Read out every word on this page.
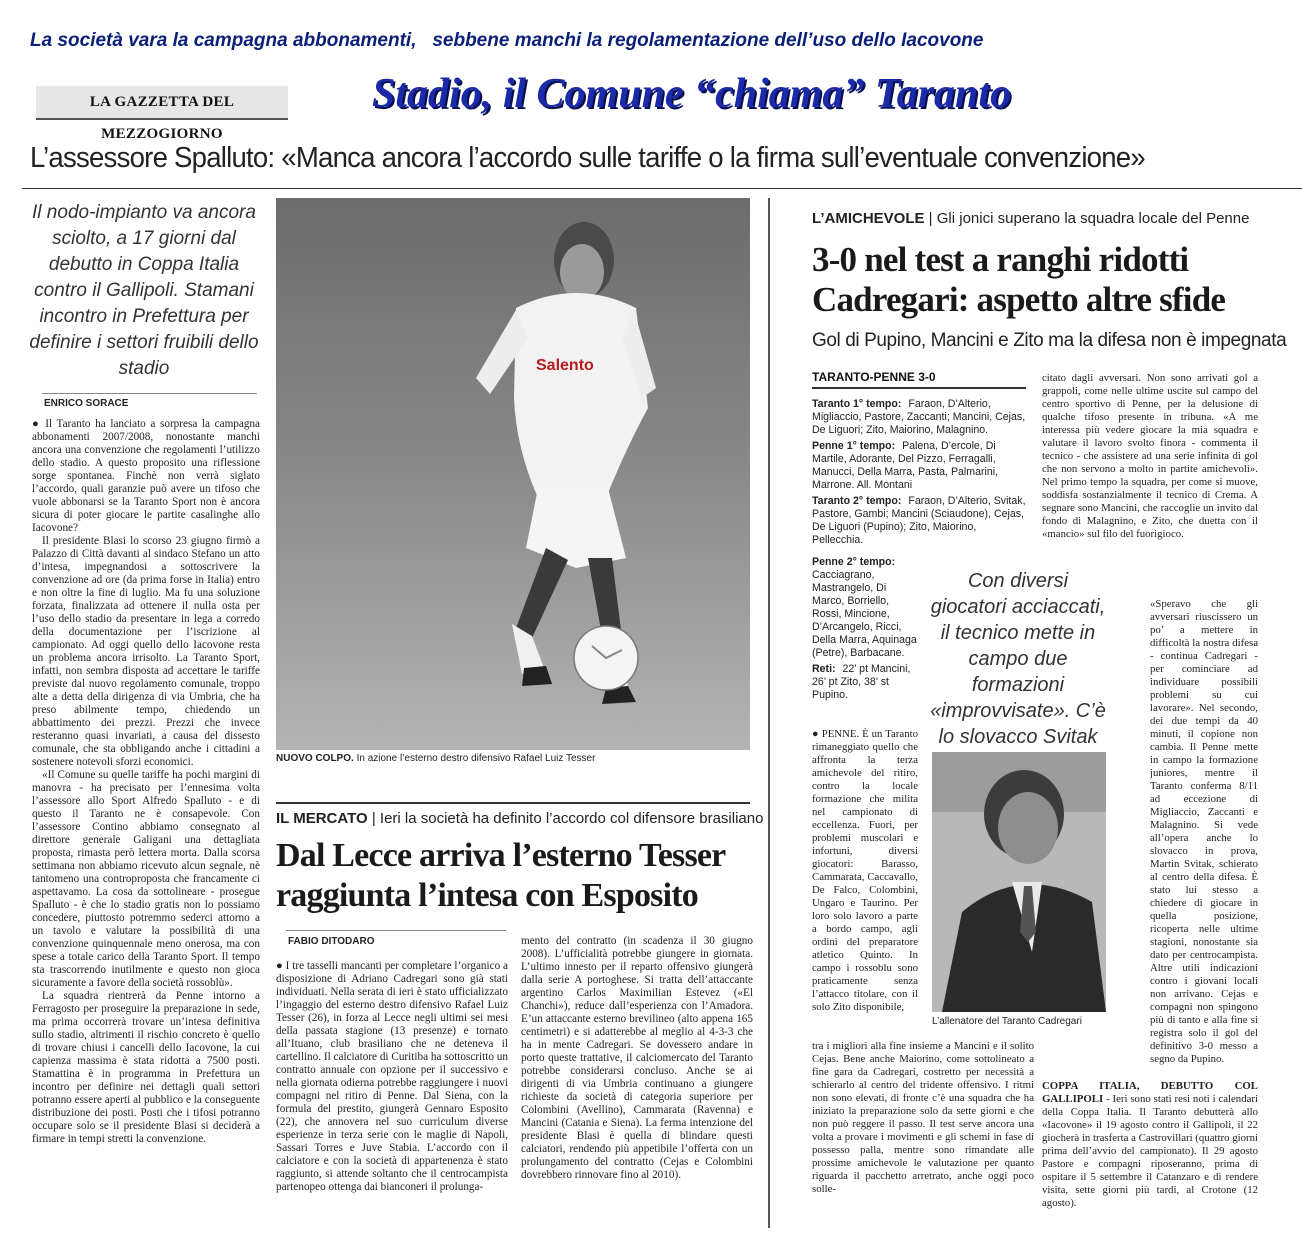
La società vara la campagna abbonamenti, sebbene manchi la regolamentazione dell’uso dello Iacovone
LA GAZZETTA DEL MEZZOGIORNO
Stadio, il Comune “chiama” Taranto
L’assessore Spalluto: «Manca ancora l’accordo sulle tariffe o la firma sull’eventuale convenzione»
Il nodo-impianto va ancora sciolto, a 17 giorni dal debutto in Coppa Italia contro il Gallipoli. Stamani incontro in Prefettura per definire i settori fruibili dello stadio
ENRICO SORACE

● Il Taranto ha lanciato a sorpresa la campagna abbonamenti 2007/2008, nonostante manchi ancora una convenzione che regolamenti l’utilizzo dello stadio. A questo proposito una riflessione sorge spontanea. Finchè non verrà siglato l’accordo, quali garanzie può avere un tifoso che vuole abbonarsi se la Taranto Sport non è ancora sicura di poter giocare le partite casalinghe allo Iacovone?

Il presidente Blasi lo scorso 23 giugno firmò a Palazzo di Città davanti al sindaco Stefano un atto d’intesa, impegnandosi a sottoscrivere la convenzione ad ore (da prima forse in Italia) entro e non oltre la fine di luglio. Ma fu una soluzione forzata, finalizzata ad ottenere il nulla osta per l’uso dello stadio da presentare in lega a corredo della documentazione per l’iscrizione al campionato. Ad oggi quello dello Iacovone resta un problema ancora irrisolto. La Taranto Sport, infatti, non sembra disposta ad accettare le tariffe previste dal nuovo regolamento comunale, troppo alte a detta della dirigenza di via Umbria, che ha preso abilmente tempo, chiedendo un abbattimento dei prezzi. Prezzi che invece resteranno quasi invariati, a causa del dissesto comunale, che sta obbligando anche i cittadini a sostenere notevoli sforzi economici.

«Il Comune su quelle tariffe ha pochi margini di manovra - ha precisato per l’ennesima volta l’assessore allo Sport Alfredo Spalluto - e di questo il Taranto ne è consapevole. Con l’assessore Contino abbiamo consegnato al direttore generale Galigani una dettagliata proposta, rimasta però lettera morta. Dalla scorsa settimana non abbiamo ricevuto alcun segnale, nè tantomeno una controproposta che francamente ci aspettavamo. La cosa da sottolineare - prosegue Spalluto - è che lo stadio gratis non lo possiamo concedere, piuttosto potremmo sederci attorno a un tavolo e valutare la possibilità di una convenzione quinquennale meno onerosa, ma con spese a totale carico della Taranto Sport. Il tempo sta trascorrendo inutilmente e questo non gioca sicuramente a favore della società rossoblù».

La squadra rientrerà da Penne intorno a Ferragosto per proseguire la preparazione in sede, ma prima occorrerà trovare un’intesa definitiva sullo stadio, altrimenti il rischio concreto è quello di trovare chiusi i cancelli dello Iacovone, la cui capienza massima è stata ridotta a 7500 posti. Stamattina è in programma in Prefettura un incontro per definire nei dettagli quali settori potranno essere aperti al pubblico e la conseguente distribuzione dei posti. Posti che i tifosi potranno occupare solo se il presidente Blasi si deciderà a firmare in tempi stretti la convenzione.

Salento
NUOVO COLPO. In azione l’esterno destro difensivo Rafael Luiz Tesser
IL MERCATO | Ieri la società ha definito l’accordo col difensore brasiliano
Dal Lecce arriva l’esterno Tesser
raggiunta l’intesa con Esposito
FABIO DITODARO
● I tre tasselli mancanti per completare l’organico a disposizione di Adriano Cadregari sono già stati individuati. Nella serata di ieri è stato ufficializzato l’ingaggio del esterno destro difensivo Rafael Luiz Tesser (26), in forza al Lecce negli ultimi sei mesi della passata stagione (13 presenze) e tornato all’Ituano, club brasiliano che ne deteneva il cartellino. Il calciatore di Curitiba ha sottoscritto un contratto annuale con opzione per il successivo e nella giornata odierna potrebbe raggiungere i nuovi compagni nel ritiro di Penne. Dal Siena, con la formula del prestito, giungerà Gennaro Esposito (22), che annovera nel suo curriculum diverse esperienze in terza serie con le maglie di Napoli, Sassari Torres e Juve Stabia. L’accordo con il calciatore e con la società di appartenenza è stato raggiunto, si attende soltanto che il centrocampista partenopeo ottenga dai bianconeri il prolunga-
mento del contratto (in scadenza il 30 giugno 2008). L’ufficialità potrebbe giungere in giornata. L’ultimo innesto per il reparto offensivo giungerà dalla serie A portoghese. Si tratta dell’attaccante argentino Carlos Maximilian Estevez («El Chanchi»), reduce dall’esperienza con l’Amadora. E’un attaccante esterno brevilineo (alto appena 165 centimetri) e si adatterebbe al meglio al 4-3-3 che ha in mente Cadregari. Se dovessero andare in porto queste trattative, il calciomercato del Taranto potrebbe considerarsi concluso. Anche se ai dirigenti di via Umbria continuano a giungere richieste da società di categoria superiore per Colombini (Avellino), Cammarata (Ravenna) e Mancini (Catania e Siena). La ferma intenzione del presidente Blasi è quella di blindare questi calciatori, rendendo più appetibile l’offerta con un prolungamento del contratto (Cejas e Colombini dovrebbero rinnovare fino al 2010).
L’AMICHEVOLE | Gli jonici superano la squadra locale del Penne
3-0 nel test a ranghi ridotti
Cadregari: aspetto altre sfide
Gol di Pupino, Mancini e Zito ma la difesa non è impegnata
TARANTO-PENNE 3-0
Taranto 1° tempo: Faraon, D’Alterio, Migliaccio, Pastore, Zaccanti; Mancini, Cejas, De Liguori; Zito, Maiorino, Malagnino.
Penne 1° tempo: Palena, D’ercole, Di Martile, Adorante, Del Pizzo, Ferragalli, Manucci, Della Marra, Pasta, Palmarini, Marrone. All. Montani
Taranto 2° tempo: Faraon, D’Alterio, Svitak, Pastore, Gambi; Mancini (Sciaudone), Cejas, De Liguori (Pupino); Zito, Maiorino, Pellecchia.
Penne 2° tempo: Cacciagrano, Mastrangelo, Di Marco, Borriello, Rossi, Mincione, D’Arcangelo, Ricci, Della Marra, Aquinaga (Petre), Barbacane.
Reti: 22’ pt Mancini, 26’ pt Zito, 38’ st Pupino.
Con diversi giocatori acciaccati, il tecnico mette in campo due formazioni «improvvisate». C’è lo slovacco Svitak
● PENNE. È un Taranto rimaneggiato quello che affronta la terza amichevole del ritiro, contro la locale formazione che milita nel campionato di eccellenza. Fuori, per problemi muscolari e infortuni, diversi giocatori: Barasso, Cammarata, Caccavallo, De Falco, Colombini, Ungaro e Taurino. Per loro solo lavoro a parte a bordo campo, agli ordini del preparatore atletico Quinto. In campo i rossoblu sono praticamente senza l’attacco titolare, con il solo Zito disponibile,
L’allenatore del Taranto Cadregari
tra i migliori alla fine insieme a Mancini e il solito Cejas. Bene anche Maiorino, come sottolineato a fine gara da Cadregari, costretto per necessità a schierarlo al centro del tridente offensivo. I ritmi non sono elevati, di fronte c’è una squadra che ha iniziato la preparazione solo da sette giorni e che non può reggere il passo. Il test serve ancora una volta a provare i movimenti e gli schemi in fase di possesso palla, mentre sono rimandate alle prossime amichevole le valutazione per quanto riguarda il pacchetto arretrato, anche oggi poco solle-
citato dagli avversari. Non sono arrivati gol a grappoli, come nelle ultime uscite sul campo del centro sportivo di Penne, per la delusione di qualche tifoso presente in tribuna. «A me interessa più vedere giocare la mia squadra e valutare il lavoro svolto finora - commenta il tecnico - che assistere ad una serie infinita di gol che non servono a molto in partite amichevoli». Nel primo tempo la squadra, per come si muove, soddisfa sostanzialmente il tecnico di Crema. A segnare sono Mancini, che raccoglie un invito dal fondo di Malagnino, e Zito, che duetta con il «mancio» sul filo del fuorigioco.
«Speravo che gli avversari riuscissero un po’ a mettere in difficoltà la nostra difesa - continua Cadregari - per cominciare ad individuare possibili problemi su cui lavorare». Nel secondo, dei due tempi da 40 minuti, il copione non cambia. Il Penne mette in campo la formazione juniores, mentre il Taranto conferma 8/11 ad eccezione di Migliaccio, Zaccanti e Malagnino. Si vede all’opera anche lo slovacco in prova, Martin Svitak, schierato al centro della difesa. È stato lui stesso a chiedere di giocare in quella posizione, ricoperta nelle ultime stagioni, nonostante sia dato per centrocampista. Altre utili indicazioni contro i giovani locali non arrivano. Cejas e compagni non spingono più di tanto e alla fine si registra solo il gol del definitivo 3-0 messo a segno da Pupino.
COPPA ITALIA, DEBUTTO COL GALLIPOLI - Ieri sono stati resi noti i calendari della Coppa Italia. Il Taranto debutterà allo «Iacovone» il 19 agosto contro il Gallipoli, il 22 giocherà in trasferta a Castrovillari (quattro giorni prima dell’avvio del campionato). Il 29 agosto Pastore e compagni riposeranno, prima di ospitare il 5 settembre il Catanzaro e di rendere visita, sette giorni più tardi, al Crotone (12 agosto).
